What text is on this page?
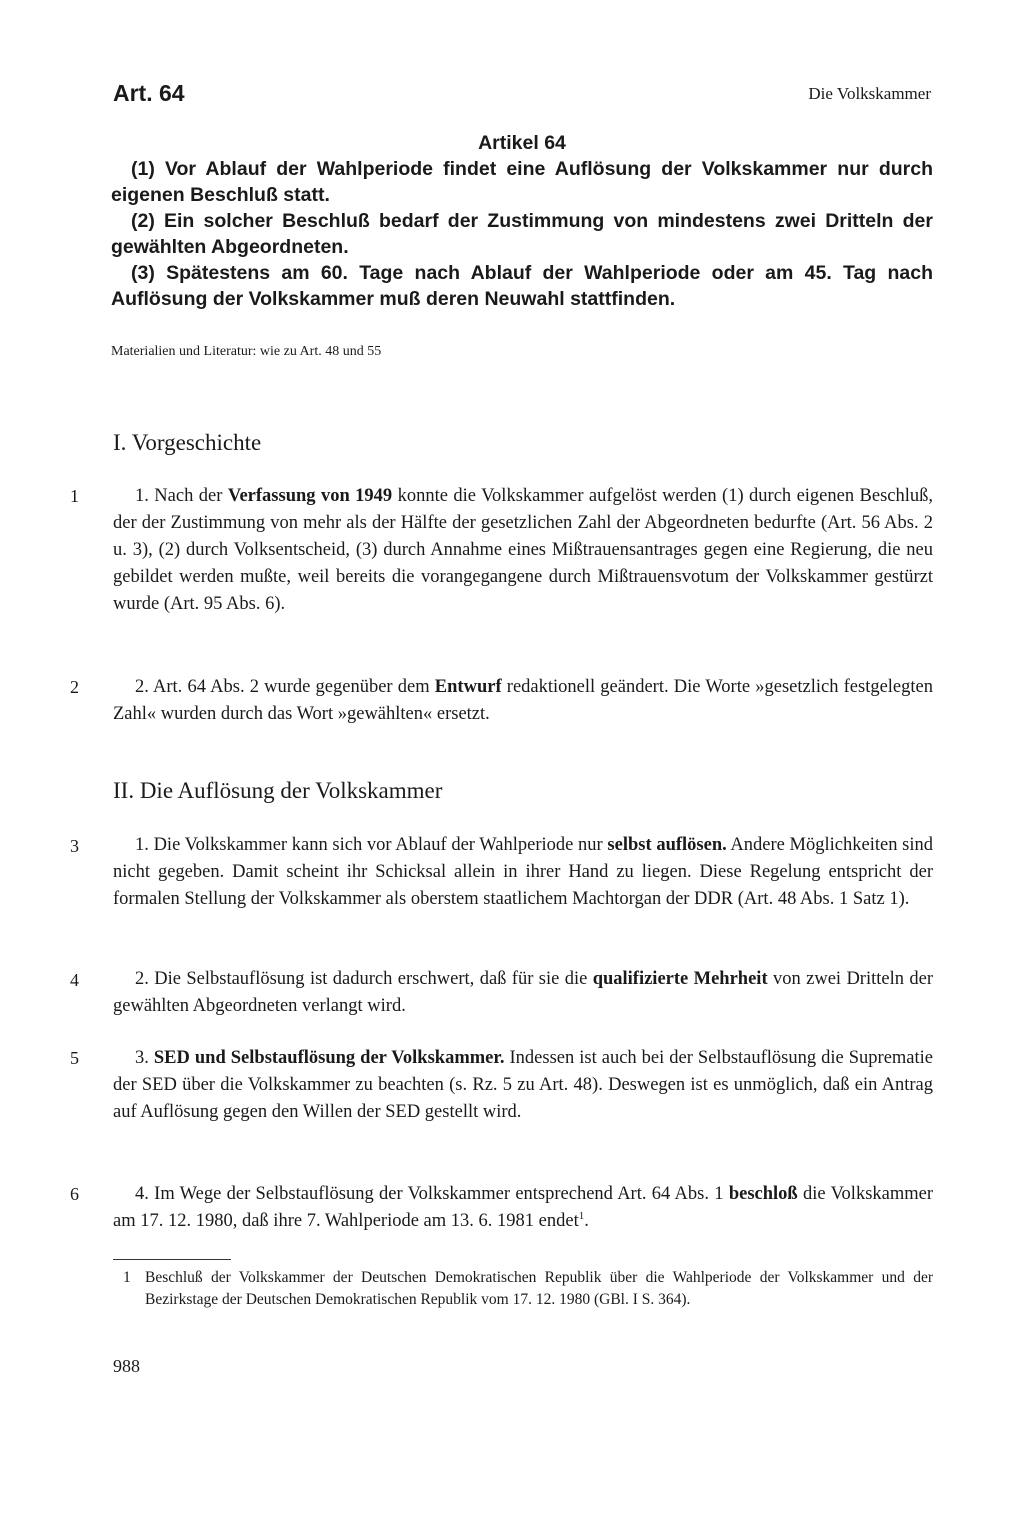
Art. 64	Die Volkskammer
Artikel 64

(1) Vor Ablauf der Wahlperiode findet eine Auflösung der Volkskammer nur durch eigenen Beschluß statt.

(2) Ein solcher Beschluß bedarf der Zustimmung von mindestens zwei Dritteln der gewählten Abgeordneten.

(3) Spätestens am 60. Tage nach Ablauf der Wahlperiode oder am 45. Tag nach Auflösung der Volkskammer muß deren Neuwahl stattfinden.

Materialien und Literatur: wie zu Art. 48 und 55
I. Vorgeschichte
1	1. Nach der Verfassung von 1949 konnte die Volkskammer aufgelöst werden (1) durch eigenen Beschluß, der der Zustimmung von mehr als der Hälfte der gesetzlichen Zahl der Abgeordneten bedurfte (Art. 56 Abs. 2 u. 3), (2) durch Volksentscheid, (3) durch Annahme eines Mißtrauensantrages gegen eine Regierung, die neu gebildet werden mußte, weil bereits die vorangegangene durch Mißtrauensvotum der Volkskammer gestürzt wurde (Art. 95 Abs. 6).

2	2. Art. 64 Abs. 2 wurde gegenüber dem Entwurf redaktionell geändert. Die Worte »gesetzlich festgelegten Zahl« wurden durch das Wort »gewählten« ersetzt.

II. Die Auflösung der Volkskammer
3	1. Die Volkskammer kann sich vor Ablauf der Wahlperiode nur selbst auflösen. Andere Möglichkeiten sind nicht gegeben. Damit scheint ihr Schicksal allein in ihrer Hand zu liegen. Diese Regelung entspricht der formalen Stellung der Volkskammer als oberstem staatlichem Machtorgan der DDR (Art. 48 Abs. 1 Satz 1).

4	2. Die Selbstauflösung ist dadurch erschwert, daß für sie die qualifizierte Mehrheit von zwei Dritteln der gewählten Abgeordneten verlangt wird.

5	3. SED und Selbstauflösung der Volkskammer. Indessen ist auch bei der Selbstauflösung die Suprematie der SED über die Volkskammer zu beachten (s. Rz. 5 zu Art. 48). Deswegen ist es unmöglich, daß ein Antrag auf Auflösung gegen den Willen der SED gestellt wird.

6	4. Im Wege der Selbstauflösung der Volkskammer entsprechend Art. 64 Abs. 1 beschloß die Volkskammer am 17. 12. 1980, daß ihre 7. Wahlperiode am 13. 6. 1981 endet$^1$.

1 Beschluß der Volkskammer der Deutschen Demokratischen Republik über die Wahlperiode der Volkskammer und der Bezirkstage der Deutschen Demokratischen Republik vom 17. 12. 1980 (GBl. I S. 364).
988
